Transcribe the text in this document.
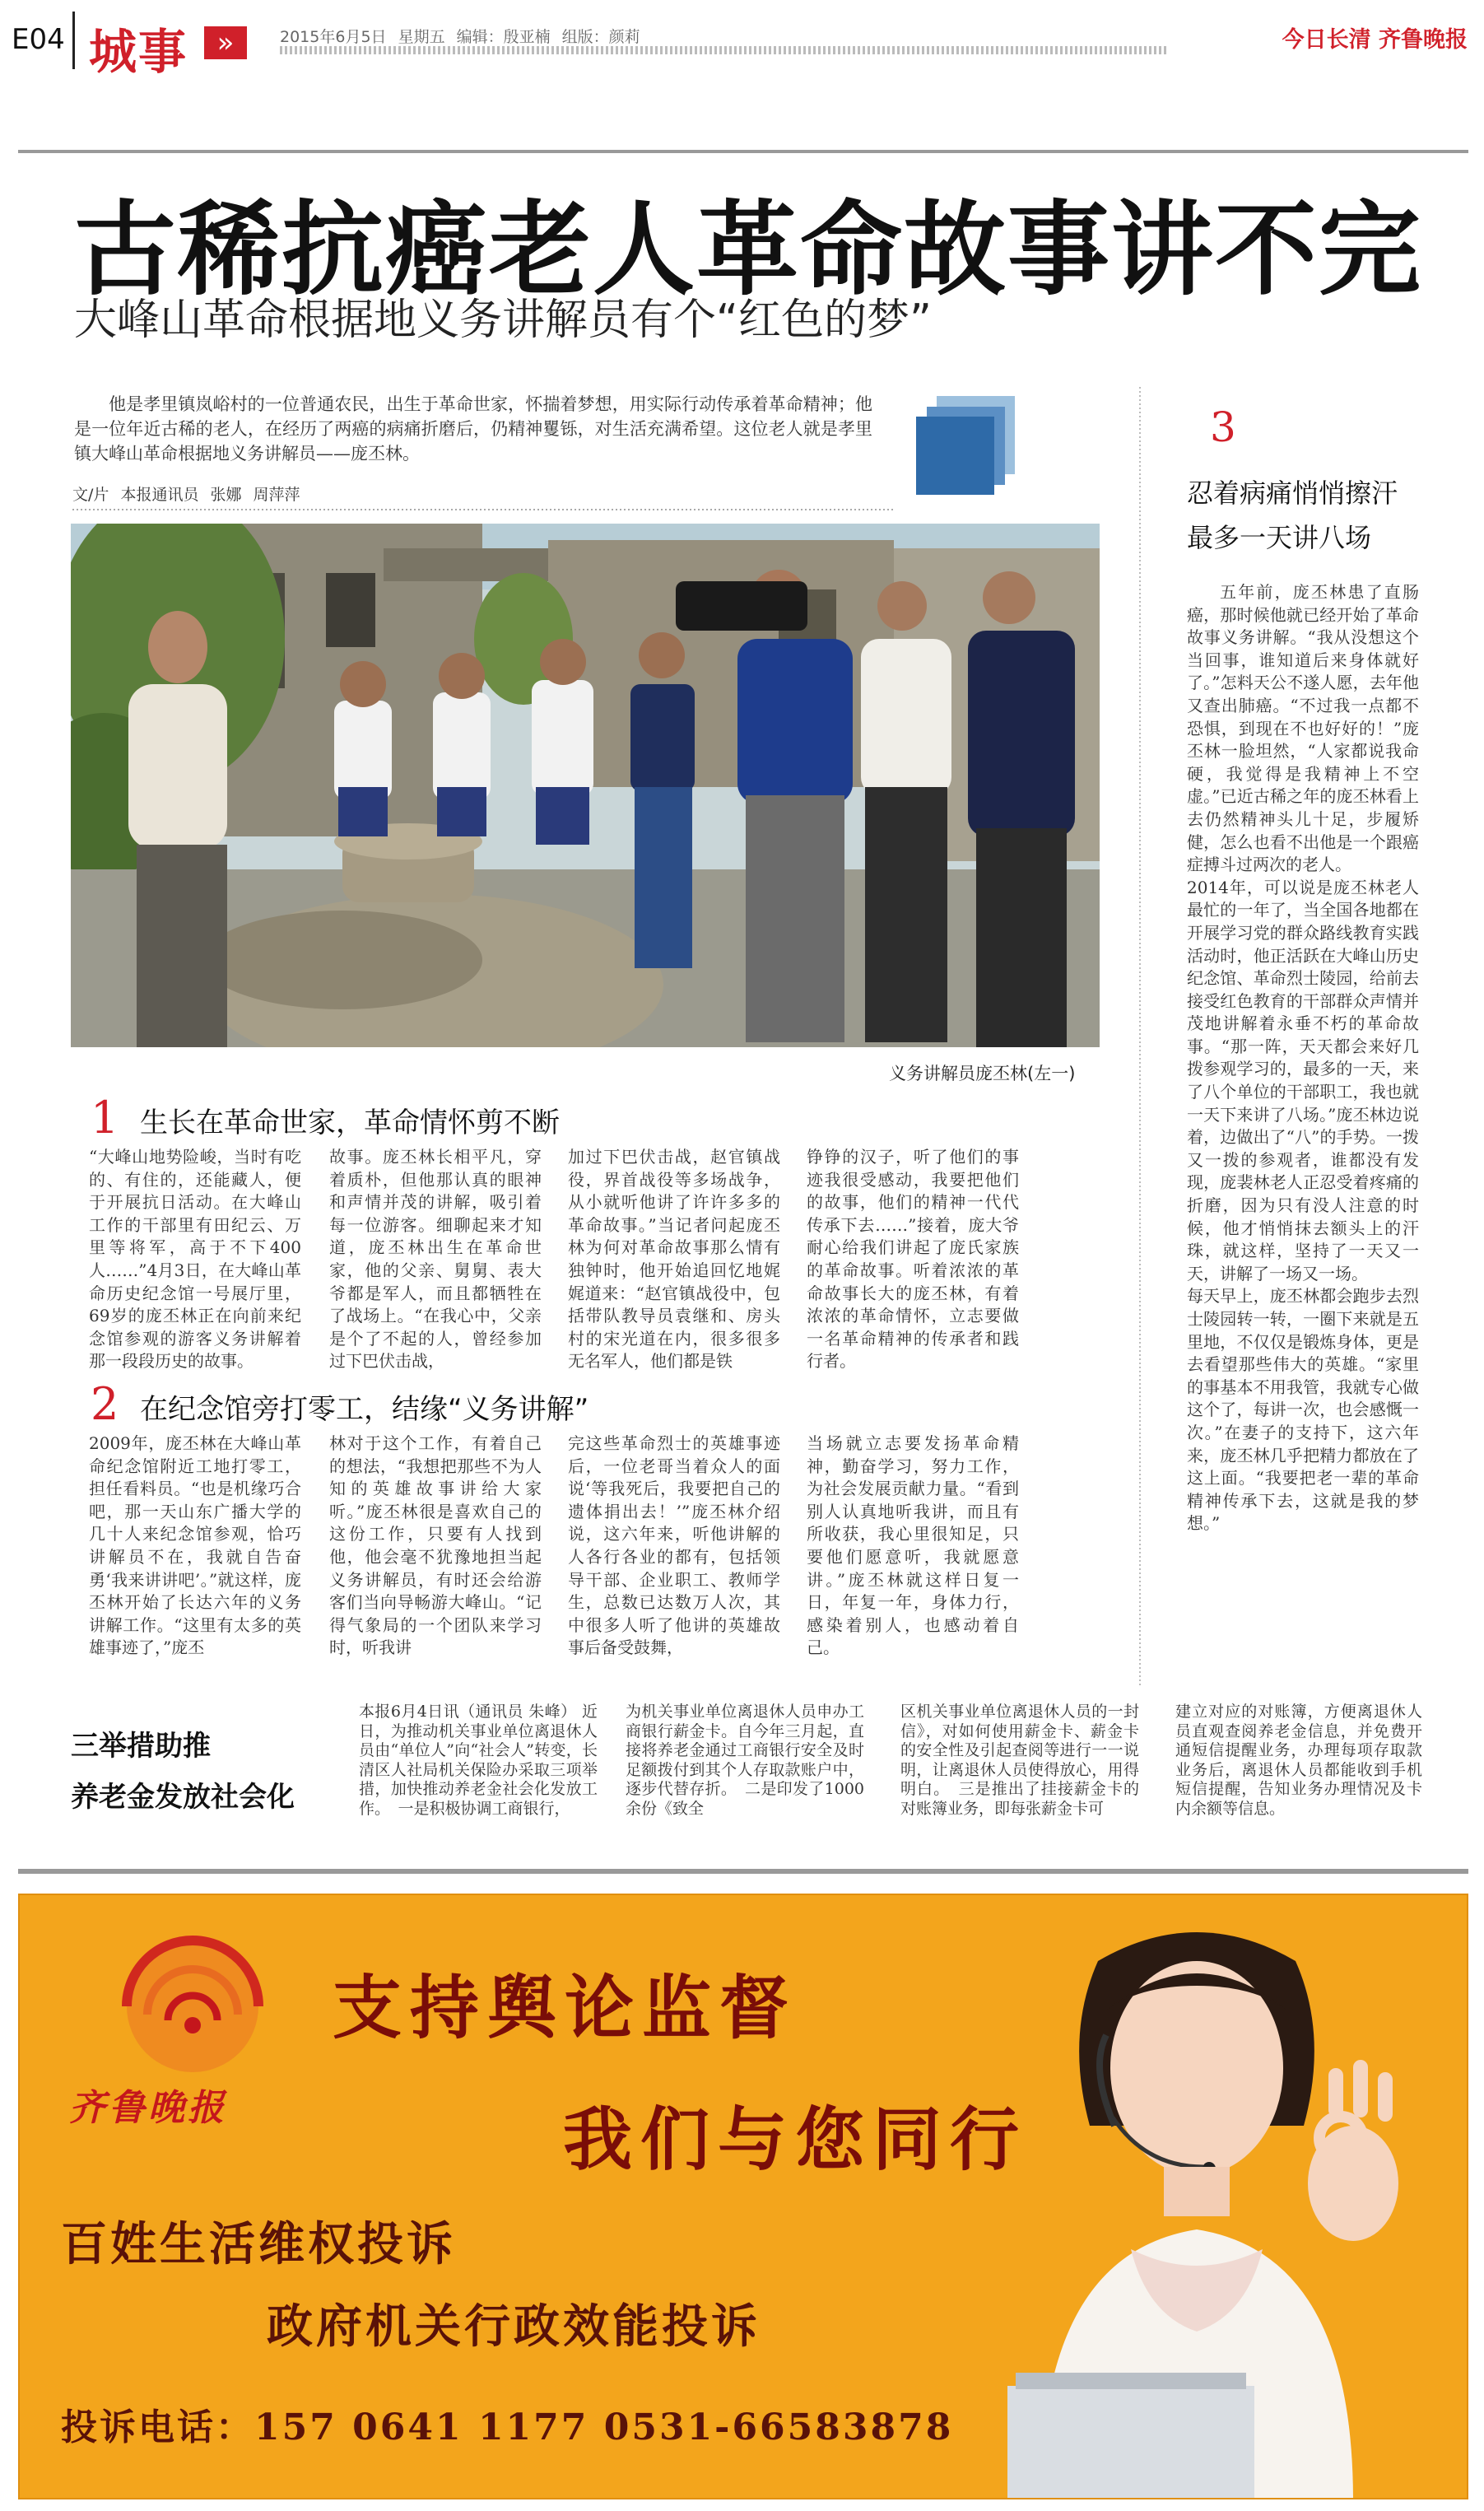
E04 城事	»	2015年6月5日 星期五 编辑：殷亚楠 组版：颜莉	今日长清 齐鲁晚报
古稀抗癌老人革命故事讲不完
大峰山革命根据地义务讲解员有个“红色的梦”

他是孝里镇岚峪村的一位普通农民，出生于革命世家，怀揣着梦想，用实际行动传承着革命精神；他是一位年近古稀的老人，在经历了两癌的病痛折磨后，仍精神矍铄，对生活充满希望。这位老人就是孝里镇大峰山革命根据地义务讲解员——庞丕林。

文/片 本报通讯员 张娜 周萍萍
义务讲解员庞丕林(左一)
1 生长在革命世家，革命情怀剪不断
“大峰山地势险峻，当时有吃的、有住的，还能藏人，便于开展抗日活动。在大峰山工作的干部里有田纪云、万里等将军，高于不下400人……”4月3日，在大峰山革命历史纪念馆一号展厅里，69岁的庞丕林正在向前来纪念馆参观的游客义务讲解着那一段段历史的故事。
故事。庞丕林长相平凡，穿着质朴，但他那认真的眼神和声情并茂的讲解，吸引着每一位游客。细聊起来才知道，庞丕林出生在革命世家，他的父亲、舅舅、表大爷都是军人，而且都牺牲在了战场上。“在我心中，父亲是个了不起的人，曾经参加过下巴伏击战，
加过下巴伏击战，赵官镇战役，界首战役等多场战争，从小就听他讲了许许多多的革命故事。”当记者问起庞丕林为何对革命故事那么情有独钟时，他开始追回忆地娓娓道来：“赵官镇战役中，包括带队教导员袁继和、房头村的宋光道在内，很多很多无名军人，他们都是铁
铮铮的汉子，听了他们的事迹我很受感动，我要把他们的故事，他们的精神一代代传承下去……”接着，庞大爷耐心给我们讲起了庞氏家族的革命故事。听着浓浓的革命故事长大的庞丕林，有着浓浓的革命情怀，立志要做一名革命精神的传承者和践行者。
2 在纪念馆旁打零工，结缘“义务讲解”
2009年，庞丕林在大峰山革命纪念馆附近工地打零工，担任看料员。“也是机缘巧合吧，那一天山东广播大学的几十人来纪念馆参观，恰巧讲解员不在，我就自告奋勇‘我来讲讲吧’。”就这样，庞丕林开始了长达六年的义务讲解工作。“这里有太多的英雄事迹了，”庞丕
林对于这个工作，有着自己的想法，“我想把那些不为人知的英雄故事讲给大家听。”庞丕林很是喜欢自己的这份工作，只要有人找到他，他会毫不犹豫地担当起义务讲解员，有时还会给游客们当向导畅游大峰山。“记得气象局的一个团队来学习时，听我讲
完这些革命烈士的英雄事迹后，一位老哥当着众人的面说‘等我死后，我要把自己的遗体捐出去！’”庞丕林介绍说，这六年来，听他讲解的人各行各业的都有，包括领导干部、企业职工、教师学生，总数已达数万人次，其中很多人听了他讲的英雄故事后备受鼓舞，
当场就立志要发扬革命精神，勤奋学习，努力工作，为社会发展贡献力量。“看到别人认真地听我讲，而且有所收获，我心里很知足，只要他们愿意听，我就愿意讲。”庞丕林就这样日复一日，年复一年，身体力行，感染着别人，也感动着自己。
3
忍着病痛悄悄擦汗
最多一天讲八场
五年前，庞丕林患了直肠癌，那时候他就已经开始了革命故事义务讲解。“我从没想这个当回事，谁知道后来身体就好了。”怎料天公不遂人愿，去年他又查出肺癌。“不过我一点都不恐惧，到现在不也好好的！”庞丕林一脸坦然，“人家都说我命硬，我觉得是我精神上不空虚。”已近古稀之年的庞丕林看上去仍然精神头儿十足，步履矫健，怎么也看不出他是一个跟癌症搏斗过两次的老人。
2014年，可以说是庞丕林老人最忙的一年了，当全国各地都在开展学习党的群众路线教育实践活动时，他正活跃在大峰山历史纪念馆、革命烈士陵园，给前去接受红色教育的干部群众声情并茂地讲解着永垂不朽的革命故事。“那一阵，天天都会来好几拨参观学习的，最多的一天，来了八个单位的干部职工，我也就一天下来讲了八场。”庞丕林边说着，边做出了“八”的手势。一拨又一拨的参观者，谁都没有发现，庞裴林老人正忍受着疼痛的折磨，因为只有没人注意的时候，他才悄悄抹去额头上的汗珠，就这样，坚持了一天又一天，讲解了一场又一场。
每天早上，庞丕林都会跑步去烈士陵园转一转，一圈下来就是五里地，不仅仅是锻炼身体，更是去看望那些伟大的英雄。“家里的事基本不用我管，我就专心做这个了，每讲一次，也会感慨一次。”在妻子的支持下，这六年来，庞丕林几乎把精力都放在了这上面。“我要把老一辈的革命精神传承下去，这就是我的梦想。”
三举措助推
养老金发放社会化
本报6月4日讯（通讯员 朱峰） 近日，为推动机关事业单位离退休人员由“单位人”向“社会人”转变，长清区人社局机关保险办采取三项举措，加快推动养老金社会化发放工作。　一是积极协调工商银行，
为机关事业单位离退休人员申办工商银行薪金卡。自今年三月起，直接将养老金通过工商银行安全及时足额拨付到其个人存取款账户中，逐步代替存折。　二是印发了1000余份《致全
区机关事业单位离退休人员的一封信》，对如何使用薪金卡、薪金卡的安全性及引起查阅等进行一一说明，让离退休人员使得放心，用得明白。　三是推出了挂接薪金卡的对账簿业务，即每张薪金卡可
建立对应的对账簿，方便离退休人员直观查阅养老金信息，并免费开通短信提醒业务，办理每项存取款业务后，离退休人员都能收到手机短信提醒，告知业务办理情况及卡内余额等信息。
齐鲁晚报
支持舆论监督
我们与您同行
百姓生活维权投诉
政府机关行政效能投诉
投诉电话：157 0641 1177 0531-66583878
